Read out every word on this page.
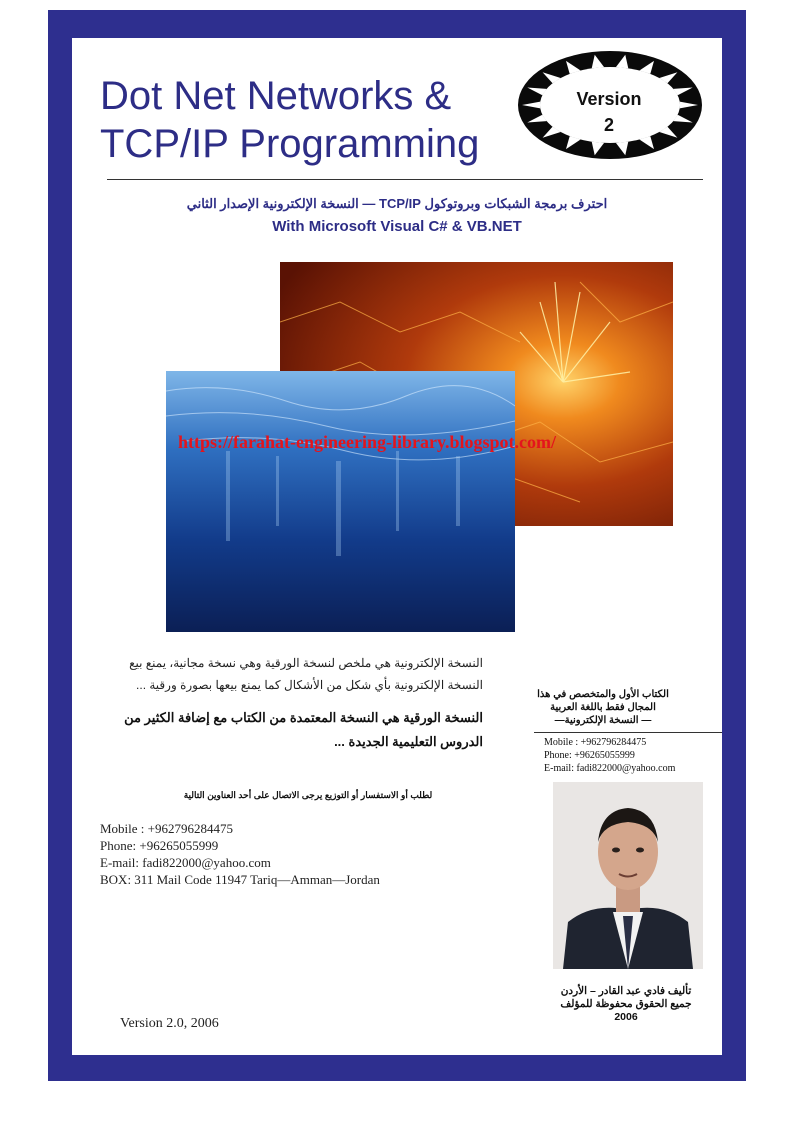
Dot Net Networks &
TCP/IP Programming
Version
2
احترف برمجة الشبكات وبروتوكول TCP/IP — النسخة الإلكترونية الإصدار الثاني
With Microsoft Visual C# & VB.NET
https://farahat-engineering-library.blogspot.com/
النسخة الإلكترونية هي ملخص لنسخة الورقية وهي نسخة مجانية، يمنع بيع
النسخة الإلكترونية بأي شكل من الأشكال كما يمنع بيعها بصورة ورقية ...
النسخة الورقية هي النسخة المعتمدة من الكتاب مع إضافة الكثير من
الدروس التعليمية الجديدة ...
الكتاب الأول والمتخصص في هذا
المجال فقط باللغة العربية
— النسخة الإلكترونية—
Mobile : +962796284475
Phone: +96265055999
E-mail: fadi822000@yahoo.com
تأليف فادي عبد القادر – الأردن
جميع الحقوق محفوظة للمؤلف
2006
لطلب أو الاستفسار أو التوزيع يرجى الاتصال على أحد العناوين التالية
Mobile : +962796284475
Phone: +96265055999
E-mail: fadi822000@yahoo.com
BOX: 311 Mail Code 11947 Tariq—Amman—Jordan
Version 2.0, 2006
